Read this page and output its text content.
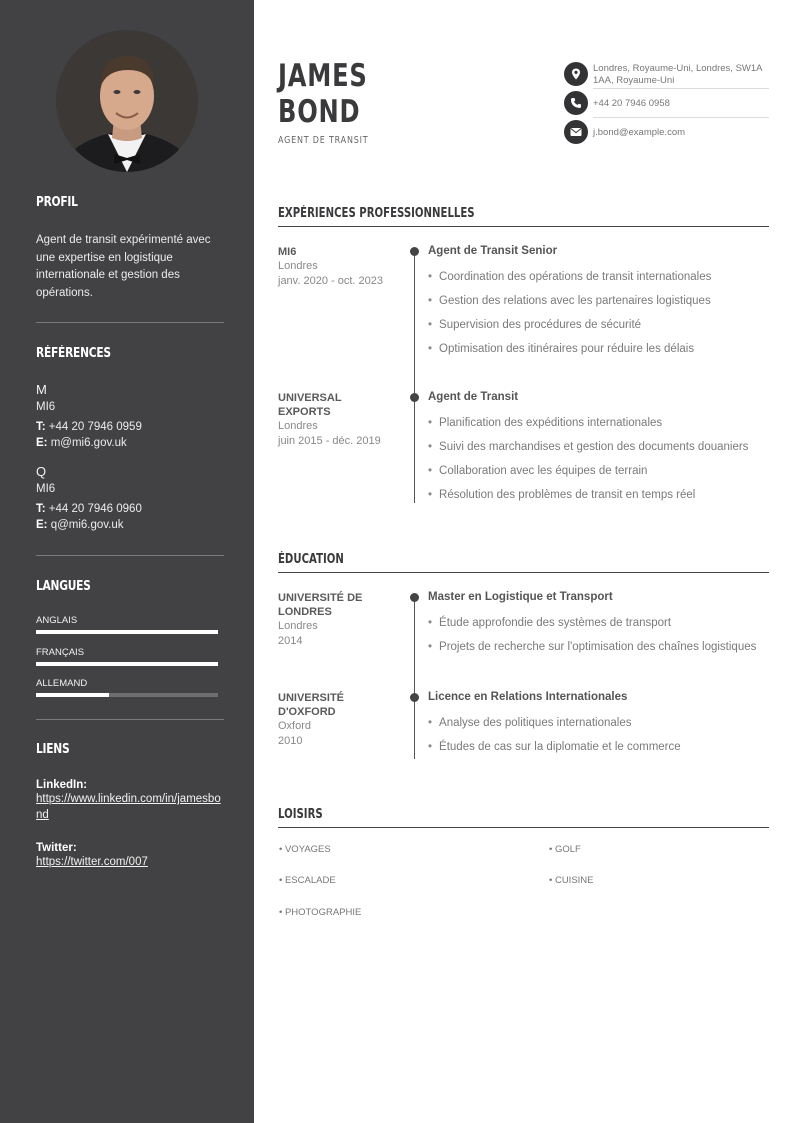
PROFIL
Agent de transit expérimenté avec une expertise en logistique internationale et gestion des opérations.
RÉFÉRENCES
M
MI6
T: +44 20 7946 0959
E: m@mi6.gov.uk
Q
MI6
T: +44 20 7946 0960
E: q@mi6.gov.uk
LANGUES
ANGLAIS
FRANÇAIS
ALLEMAND
LIENS
LinkedIn:
https://www.linkedin.com/in/jamesbond
Twitter:
https://twitter.com/007
JAMES
BOND
AGENT DE TRANSIT
Londres, Royaume-Uni, Londres, SW1A 1AA, Royaume-Uni
+44 20 7946 0958
j.bond@example.com
EXPÉRIENCES PROFESSIONNELLES
MI6
Londres
janv. 2020 - oct. 2023
Agent de Transit Senior
• Coordination des opérations de transit internationales
• Gestion des relations avec les partenaires logistiques
• Supervision des procédures de sécurité
• Optimisation des itinéraires pour réduire les délais
UNIVERSAL EXPORTS
Londres
juin 2015 - déc. 2019
Agent de Transit
• Planification des expéditions internationales
• Suivi des marchandises et gestion des documents douaniers
• Collaboration avec les équipes de terrain
• Résolution des problèmes de transit en temps réel
ÉDUCATION
UNIVERSITÉ DE LONDRES
Londres
2014
Master en Logistique et Transport
• Étude approfondie des systèmes de transport
• Projets de recherche sur l'optimisation des chaînes logistiques
UNIVERSITÉ D'OXFORD
Oxford
2010
Licence en Relations Internationales
• Analyse des politiques internationales
• Études de cas sur la diplomatie et le commerce
LOISIRS
• VOYAGES	• GOLF
• ESCALADE	• CUISINE
• PHOTOGRAPHIE
